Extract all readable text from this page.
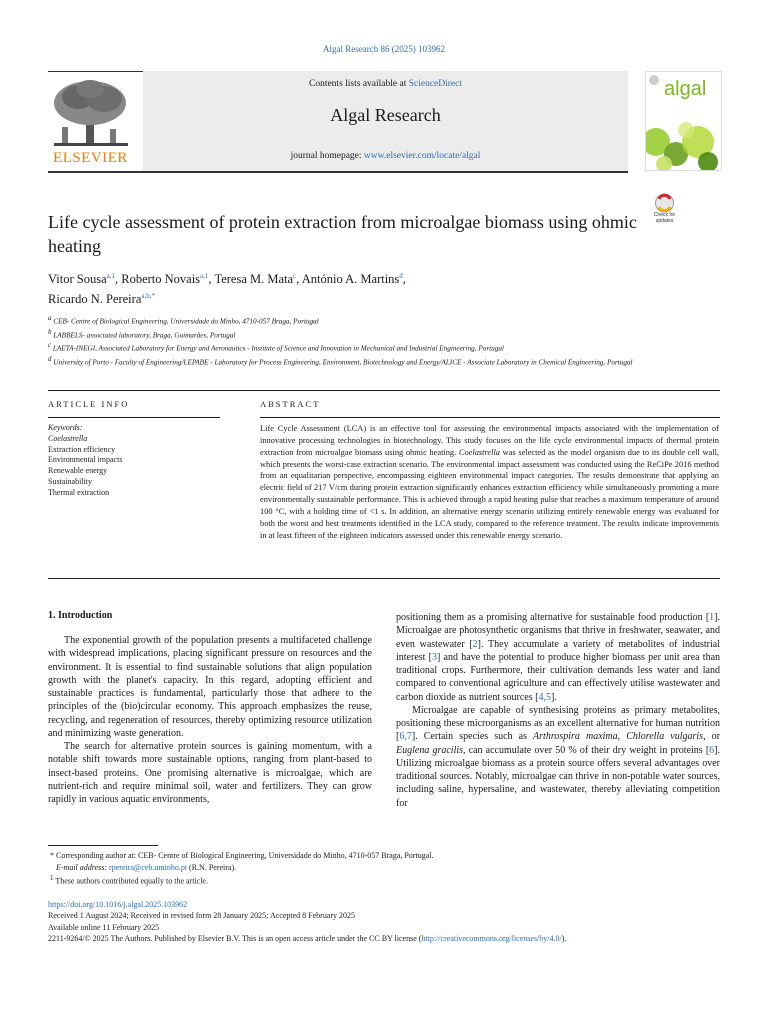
Algal Research 86 (2025) 103962
ELSEVIER
Contents lists available at ScienceDirect
Algal Research
journal homepage: www.elsevier.com/locate/algal
algal
Check for updates
Life cycle assessment of protein extraction from microalgae biomass using ohmic heating
Vitor Sousa$^{a,1}$, Roberto Novais$^{a,1}$, Teresa M. Mata$^c$, António A. Martins$^d$,
Ricardo N. Pereira$^{a,b,*}$
$^a$ CEB- Centre of Biological Engineering, Universidade do Minho, 4710-057 Braga, Portugal
$^b$ LABBELS- associated laboratory, Braga, Guimarães, Portugal
$^c$ LAETA-INEGI, Associated Laboratory for Energy and Aeronautics - Institute of Science and Innovation in Mechanical and Industrial Engineering, Portugal
$^d$ University of Porto - Faculty of Engineering/LEPABE - Laboratory for Process Engineering, Environment, Biotechnology and Energy/ALICE - Associate Laboratory in Chemical Engineering, Portugal
ARTICLE INFO	ABSTRACT
Keywords:
Coelastrella
Extraction efficiency
Environmental impacts
Renewable energy
Sustainability
Thermal extraction
Life Cycle Assessment (LCA) is an effective tool for assessing the environmental impacts associated with the implementation of innovative processing technologies in biotechnology. This study focuses on the life cycle environmental impacts of thermal protein extraction from microalgae biomass using ohmic heating. Coelastrella was selected as the model organism due to its double cell wall, which presents the worst-case extraction scenario. The environmental impact assessment was conducted using the ReCiPe 2016 method from an equalitarian perspective, encompassing eighteen environmental impact categories. The results demonstrate that applying an electric field of 217 V/cm during protein extraction significantly enhances extraction efficiency while simultaneously promoting a more environmentally sustainable performance. This is achieved through a rapid heating pulse that reaches a maximum temperature of around 100 °C, with a holding time of <1 s. In addition, an alternative energy scenario utilizing entirely renewable energy was evaluated for both the worst and best treatments identified in the LCA study, compared to the reference treatment. The results indicate improvements in at least fifteen of the eighteen indicators assessed under this renewable energy scenario.
1. Introduction

The exponential growth of the population presents a multifaceted challenge with widespread implications, placing significant pressure on resources and the environment. It is essential to find sustainable solutions that align population growth with the planet's capacity. In this regard, adopting efficient and sustainable practices is fundamental, particularly those that adhere to the principles of the (bio)circular economy. This approach emphasizes the reuse, recycling, and regeneration of resources, thereby optimizing resource utilization and minimizing waste generation.

The search for alternative protein sources is gaining momentum, with a notable shift towards more sustainable options, ranging from plant-based to insect-based proteins. One promising alternative is microalgae, which are nutrient-rich and require minimal soil, water and fertilizers. They can grow rapidly in various aquatic environments,

positioning them as a promising alternative for sustainable food production [1]. Microalgae are photosynthetic organisms that thrive in freshwater, seawater, and even wastewater [2]. They accumulate a variety of metabolites of industrial interest [3] and have the potential to produce higher biomass per unit area than traditional crops. Furthermore, their cultivation demands less water and land compared to conventional agriculture and can effectively utilise wastewater and carbon dioxide as nutrient sources [4,5].

Microalgae are capable of synthesising proteins as primary metabolites, positioning these microorganisms as an excellent alternative for human nutrition [6,7]. Certain species such as Arthrospira maxima, Chlorella vulgaris, or Euglena gracilis, can accumulate over 50 % of their dry weight in proteins [6]. Utilizing microalgae biomass as a protein source offers several advantages over traditional sources. Notably, microalgae can thrive in non-potable water sources, including saline, hypersaline, and wastewater, thereby alleviating competition for

* Corresponding author at: CEB- Centre of Biological Engineering, Universidade do Minho, 4710-057 Braga, Portugal.
E-mail address: rpereira@ceb.uminho.pt (R.N. Pereira).
$^1$ These authors contributed equally to the article.
https://doi.org/10.1016/j.algal.2025.103962
Received 1 August 2024; Received in revised form 28 January 2025; Accepted 8 February 2025
Available online 11 February 2025
2211-9264/© 2025 The Authors. Published by Elsevier B.V. This is an open access article under the CC BY license (http://creativecommons.org/licenses/by/4.0/).
